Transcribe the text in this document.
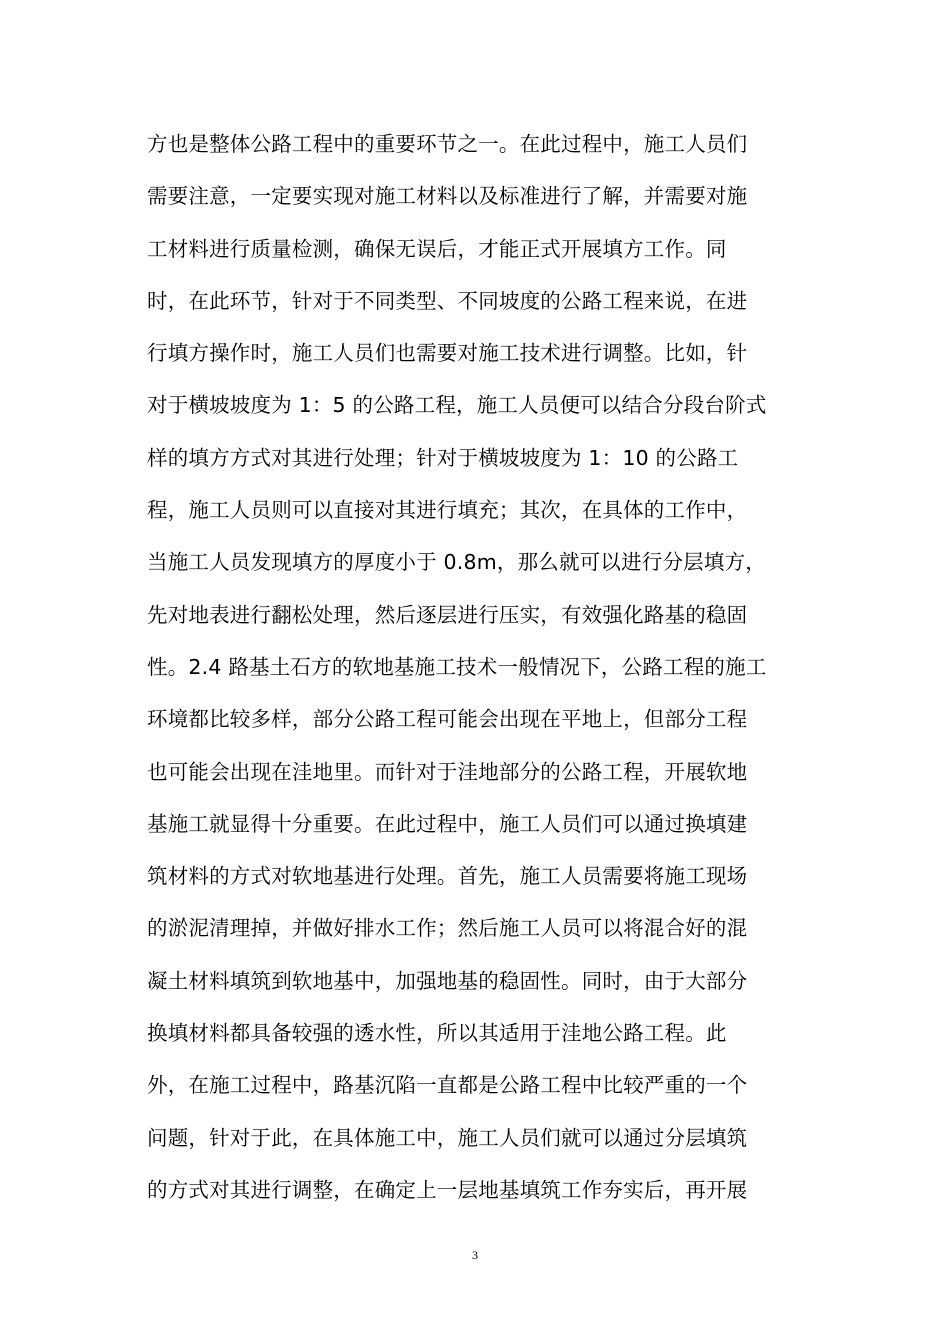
方也是整体公路工程中的重要环节之一。在此过程中，施工人员们
需要注意，一定要实现对施工材料以及标准进行了解，并需要对施
工材料进行质量检测，确保无误后，才能正式开展填方工作。同
时，在此环节，针对于不同类型、不同坡度的公路工程来说，在进
行填方操作时，施工人员们也需要对施工技术进行调整。比如，针
对于横坡坡度为 1：5 的公路工程，施工人员便可以结合分段台阶式
样的填方方式对其进行处理；针对于横坡坡度为 1：10 的公路工
程，施工人员则可以直接对其进行填充；其次，在具体的工作中，
当施工人员发现填方的厚度小于 0.8m，那么就可以进行分层填方，
先对地表进行翻松处理，然后逐层进行压实，有效强化路基的稳固
性。2.4 路基土石方的软地基施工技术一般情况下，公路工程的施工
环境都比较多样，部分公路工程可能会出现在平地上，但部分工程
也可能会出现在洼地里。而针对于洼地部分的公路工程，开展软地
基施工就显得十分重要。在此过程中，施工人员们可以通过换填建
筑材料的方式对软地基进行处理。首先，施工人员需要将施工现场
的淤泥清理掉，并做好排水工作；然后施工人员可以将混合好的混
凝土材料填筑到软地基中，加强地基的稳固性。同时，由于大部分
换填材料都具备较强的透水性，所以其适用于洼地公路工程。此
外，在施工过程中，路基沉陷一直都是公路工程中比较严重的一个
问题，针对于此，在具体施工中，施工人员们就可以通过分层填筑
的方式对其进行调整，在确定上一层地基填筑工作夯实后，再开展
3
